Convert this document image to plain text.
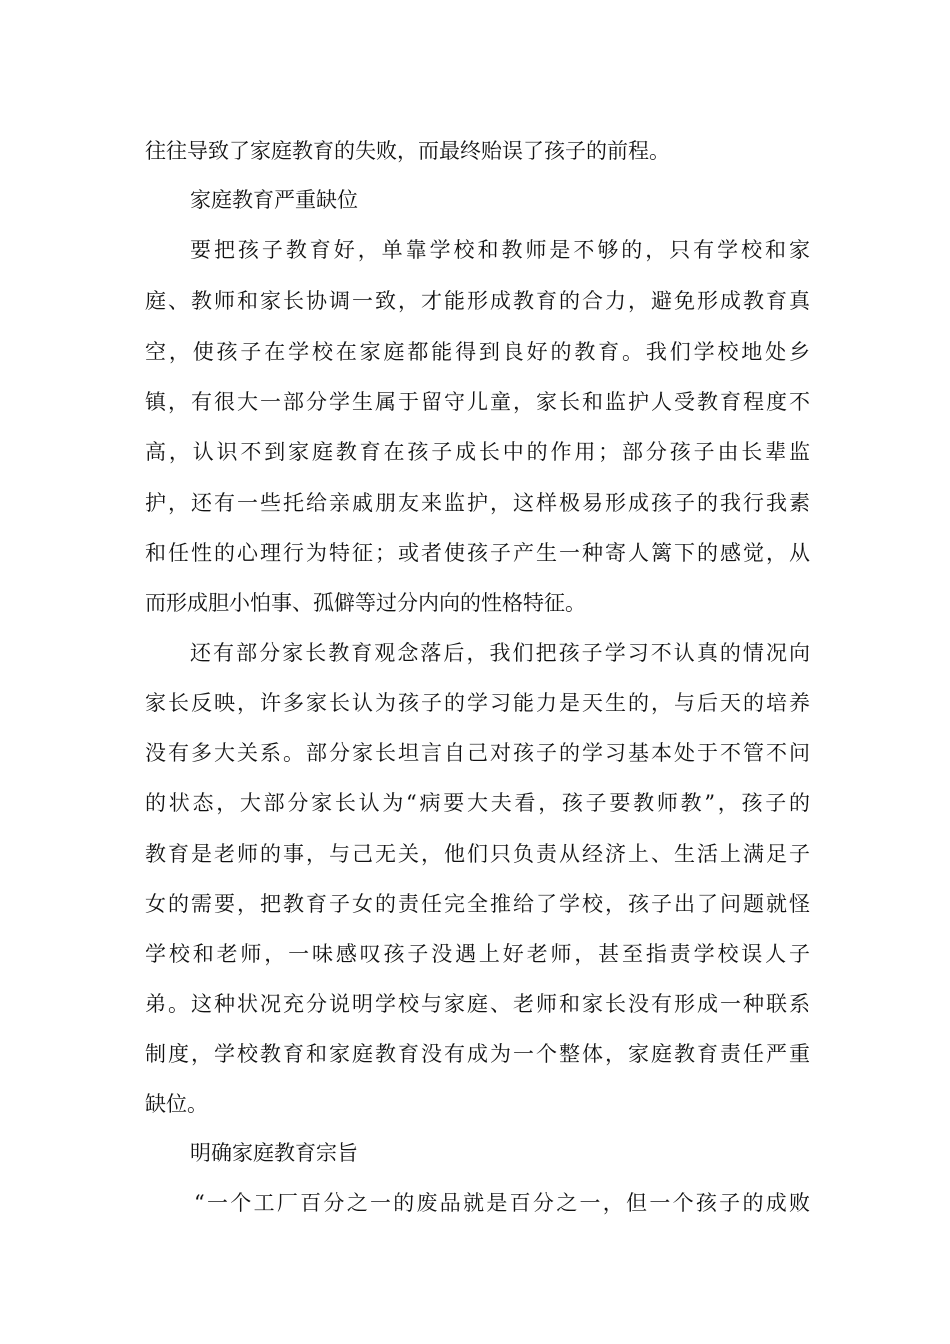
往往导致了家庭教育的失败，而最终贻误了孩子的前程。
家庭教育严重缺位
要把孩子教育好，单靠学校和教师是不够的，只有学校和家
庭、教师和家长协调一致，才能形成教育的合力，避免形成教育真
空，使孩子在学校在家庭都能得到良好的教育。我们学校地处乡
镇，有很大一部分学生属于留守儿童，家长和监护人受教育程度不
高，认识不到家庭教育在孩子成长中的作用；部分孩子由长辈监
护，还有一些托给亲戚朋友来监护，这样极易形成孩子的我行我素
和任性的心理行为特征；或者使孩子产生一种寄人篱下的感觉，从
而形成胆小怕事、孤僻等过分内向的性格特征。
还有部分家长教育观念落后，我们把孩子学习不认真的情况向
家长反映，许多家长认为孩子的学习能力是天生的，与后天的培养
没有多大关系。部分家长坦言自己对孩子的学习基本处于不管不问
的状态，大部分家长认为“病要大夫看，孩子要教师教”，孩子的
教育是老师的事，与己无关，他们只负责从经济上、生活上满足子
女的需要，把教育子女的责任完全推给了学校，孩子出了问题就怪
学校和老师，一味感叹孩子没遇上好老师，甚至指责学校误人子
弟。这种状况充分说明学校与家庭、老师和家长没有形成一种联系
制度，学校教育和家庭教育没有成为一个整体，家庭教育责任严重
缺位。
明确家庭教育宗旨
“一个工厂百分之一的废品就是百分之一，但一个孩子的成败
